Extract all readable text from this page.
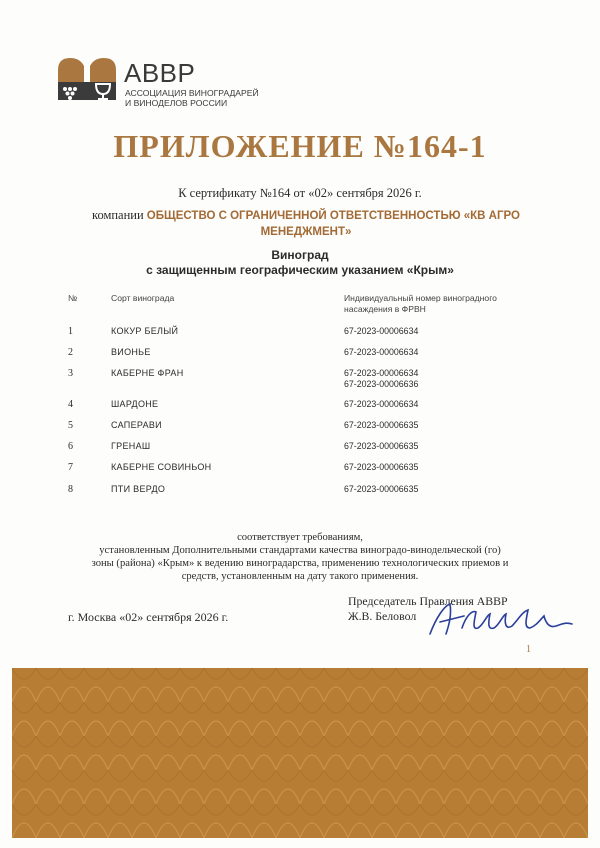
АВВР
АССОЦИАЦИЯ ВИНОГРАДАРЕЙ
И ВИНОДЕЛОВ РОССИИ
ПРИЛОЖЕНИЕ №164-1
К сертификату №164 от «02» сентября 2026 г.
компании ОБЩЕСТВО С ОГРАНИЧЕННОЙ ОТВЕТСТВЕННОСТЬЮ «КВ АГРО МЕНЕДЖМЕНТ»
Виноград
с защищенным географическим указанием «Крым»
№	Сорт винограда	Индивидуальный номер виноградного
насаждения в ФРВН
1	КОКУР БЕЛЫЙ	67-2023-00006634
2	ВИОНЬЕ	67-2023-00006634
3	КАБЕРНЕ ФРАН	67-2023-00006634
67-2023-00006636
4	ШАРДОНЕ	67-2023-00006634
5	САПЕРАВИ	67-2023-00006635
6	ГРЕНАШ	67-2023-00006635
7	КАБЕРНЕ СОВИНЬОН	67-2023-00006635
8	ПТИ ВЕРДО	67-2023-00006635
соответствует требованиям,
установленным Дополнительными стандартами качества виноградо-винодельческой (го)
зоны (района) «Крым» к ведению виноградарства, применению технологических приемов и
средств, установленным на дату такого применения.
г. Москва «02» сентября 2026 г.
Председатель Правления АВВР
Ж.В. Беловол
1
